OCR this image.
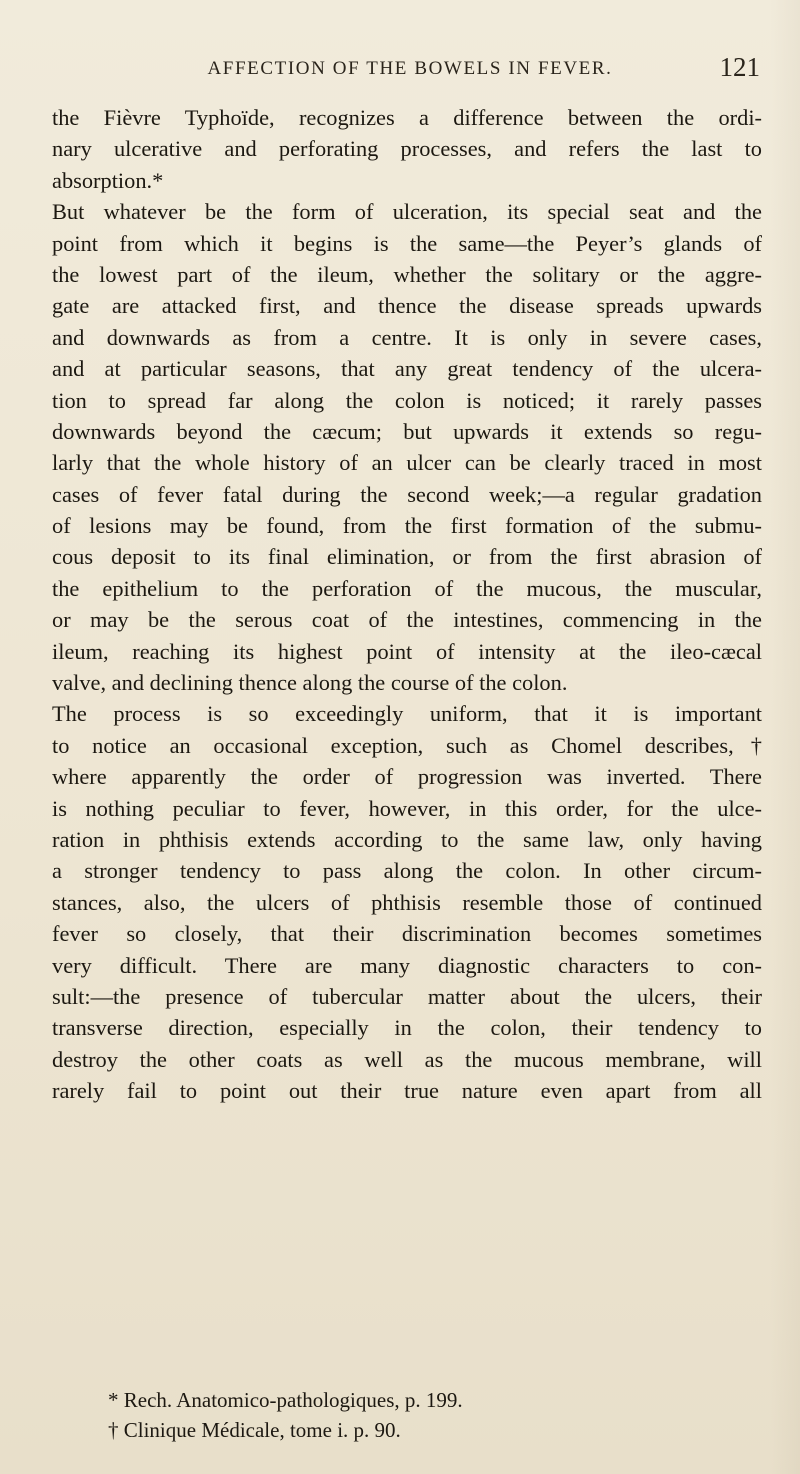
AFFECTION OF THE BOWELS IN FEVER.	121
the Fièvre Typhoïde, recognizes a difference between the ordi-
nary ulcerative and perforating processes, and refers the last to
absorption.*
But whatever be the form of ulceration, its special seat and the
point from which it begins is the same—the Peyer’s glands of
the lowest part of the ileum, whether the solitary or the aggre-
gate are attacked first, and thence the disease spreads upwards
and downwards as from a centre. It is only in severe cases,
and at particular seasons, that any great tendency of the ulcera-
tion to spread far along the colon is noticed; it rarely passes
downwards beyond the cæcum; but upwards it extends so regu-
larly that the whole history of an ulcer can be clearly traced in most
cases of fever fatal during the second week;—a regular gradation
of lesions may be found, from the first formation of the submu-
cous deposit to its final elimination, or from the first abrasion of
the epithelium to the perforation of the mucous, the muscular,
or may be the serous coat of the intestines, commencing in the
ileum, reaching its highest point of intensity at the ileo-cæcal
valve, and declining thence along the course of the colon.
The process is so exceedingly uniform, that it is important
to notice an occasional exception, such as Chomel describes,†
where apparently the order of progression was inverted. There
is nothing peculiar to fever, however, in this order, for the ulce-
ration in phthisis extends according to the same law, only having
a stronger tendency to pass along the colon. In other circum-
stances, also, the ulcers of phthisis resemble those of continued
fever so closely, that their discrimination becomes sometimes
very difficult. There are many diagnostic characters to con-
sult:—the presence of tubercular matter about the ulcers, their
transverse direction, especially in the colon, their tendency to
destroy the other coats as well as the mucous membrane, will
rarely fail to point out their true nature even apart from all
* Rech. Anatomico-pathologiques, p. 199.
† Clinique Médicale, tome i. p. 90.
